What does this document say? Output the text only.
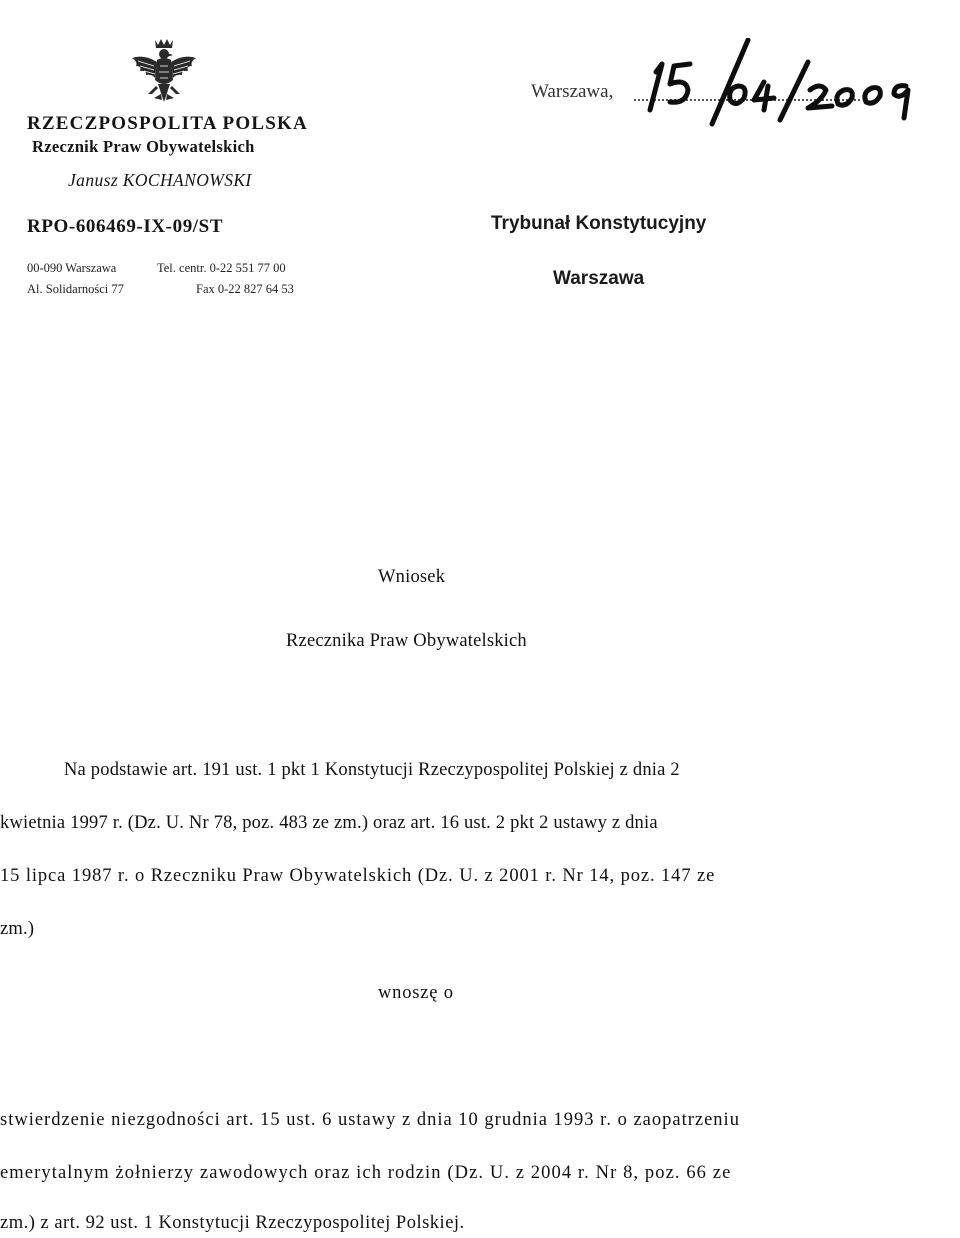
RZECZPOSPOLITA POLSKA
Rzecznik Praw Obywatelskich
Janusz KOCHANOWSKI
RPO-606469-IX-09/ST
00-090 Warszawa
Al. Solidarności 77
Tel. centr. 0-22 551 77 00
Fax 0-22 827 64 53
Warszawa,
Trybunał Konstytucyjny
Warszawa
Wniosek
Rzecznika Praw Obywatelskich
Na podstawie art. 191 ust. 1 pkt 1 Konstytucji Rzeczypospolitej Polskiej z dnia 2
kwietnia 1997 r. (Dz. U. Nr 78, poz. 483 ze zm.) oraz art. 16 ust. 2 pkt 2 ustawy z dnia
15 lipca 1987 r. o Rzeczniku Praw Obywatelskich (Dz. U. z 2001 r. Nr 14, poz. 147 ze
zm.)
wnoszę o
stwierdzenie niezgodności art. 15 ust. 6 ustawy z dnia 10 grudnia 1993 r. o zaopatrzeniu
emerytalnym żołnierzy zawodowych oraz ich rodzin (Dz. U. z 2004 r. Nr 8, poz. 66 ze
zm.) z art. 92 ust. 1 Konstytucji Rzeczypospolitej Polskiej.
